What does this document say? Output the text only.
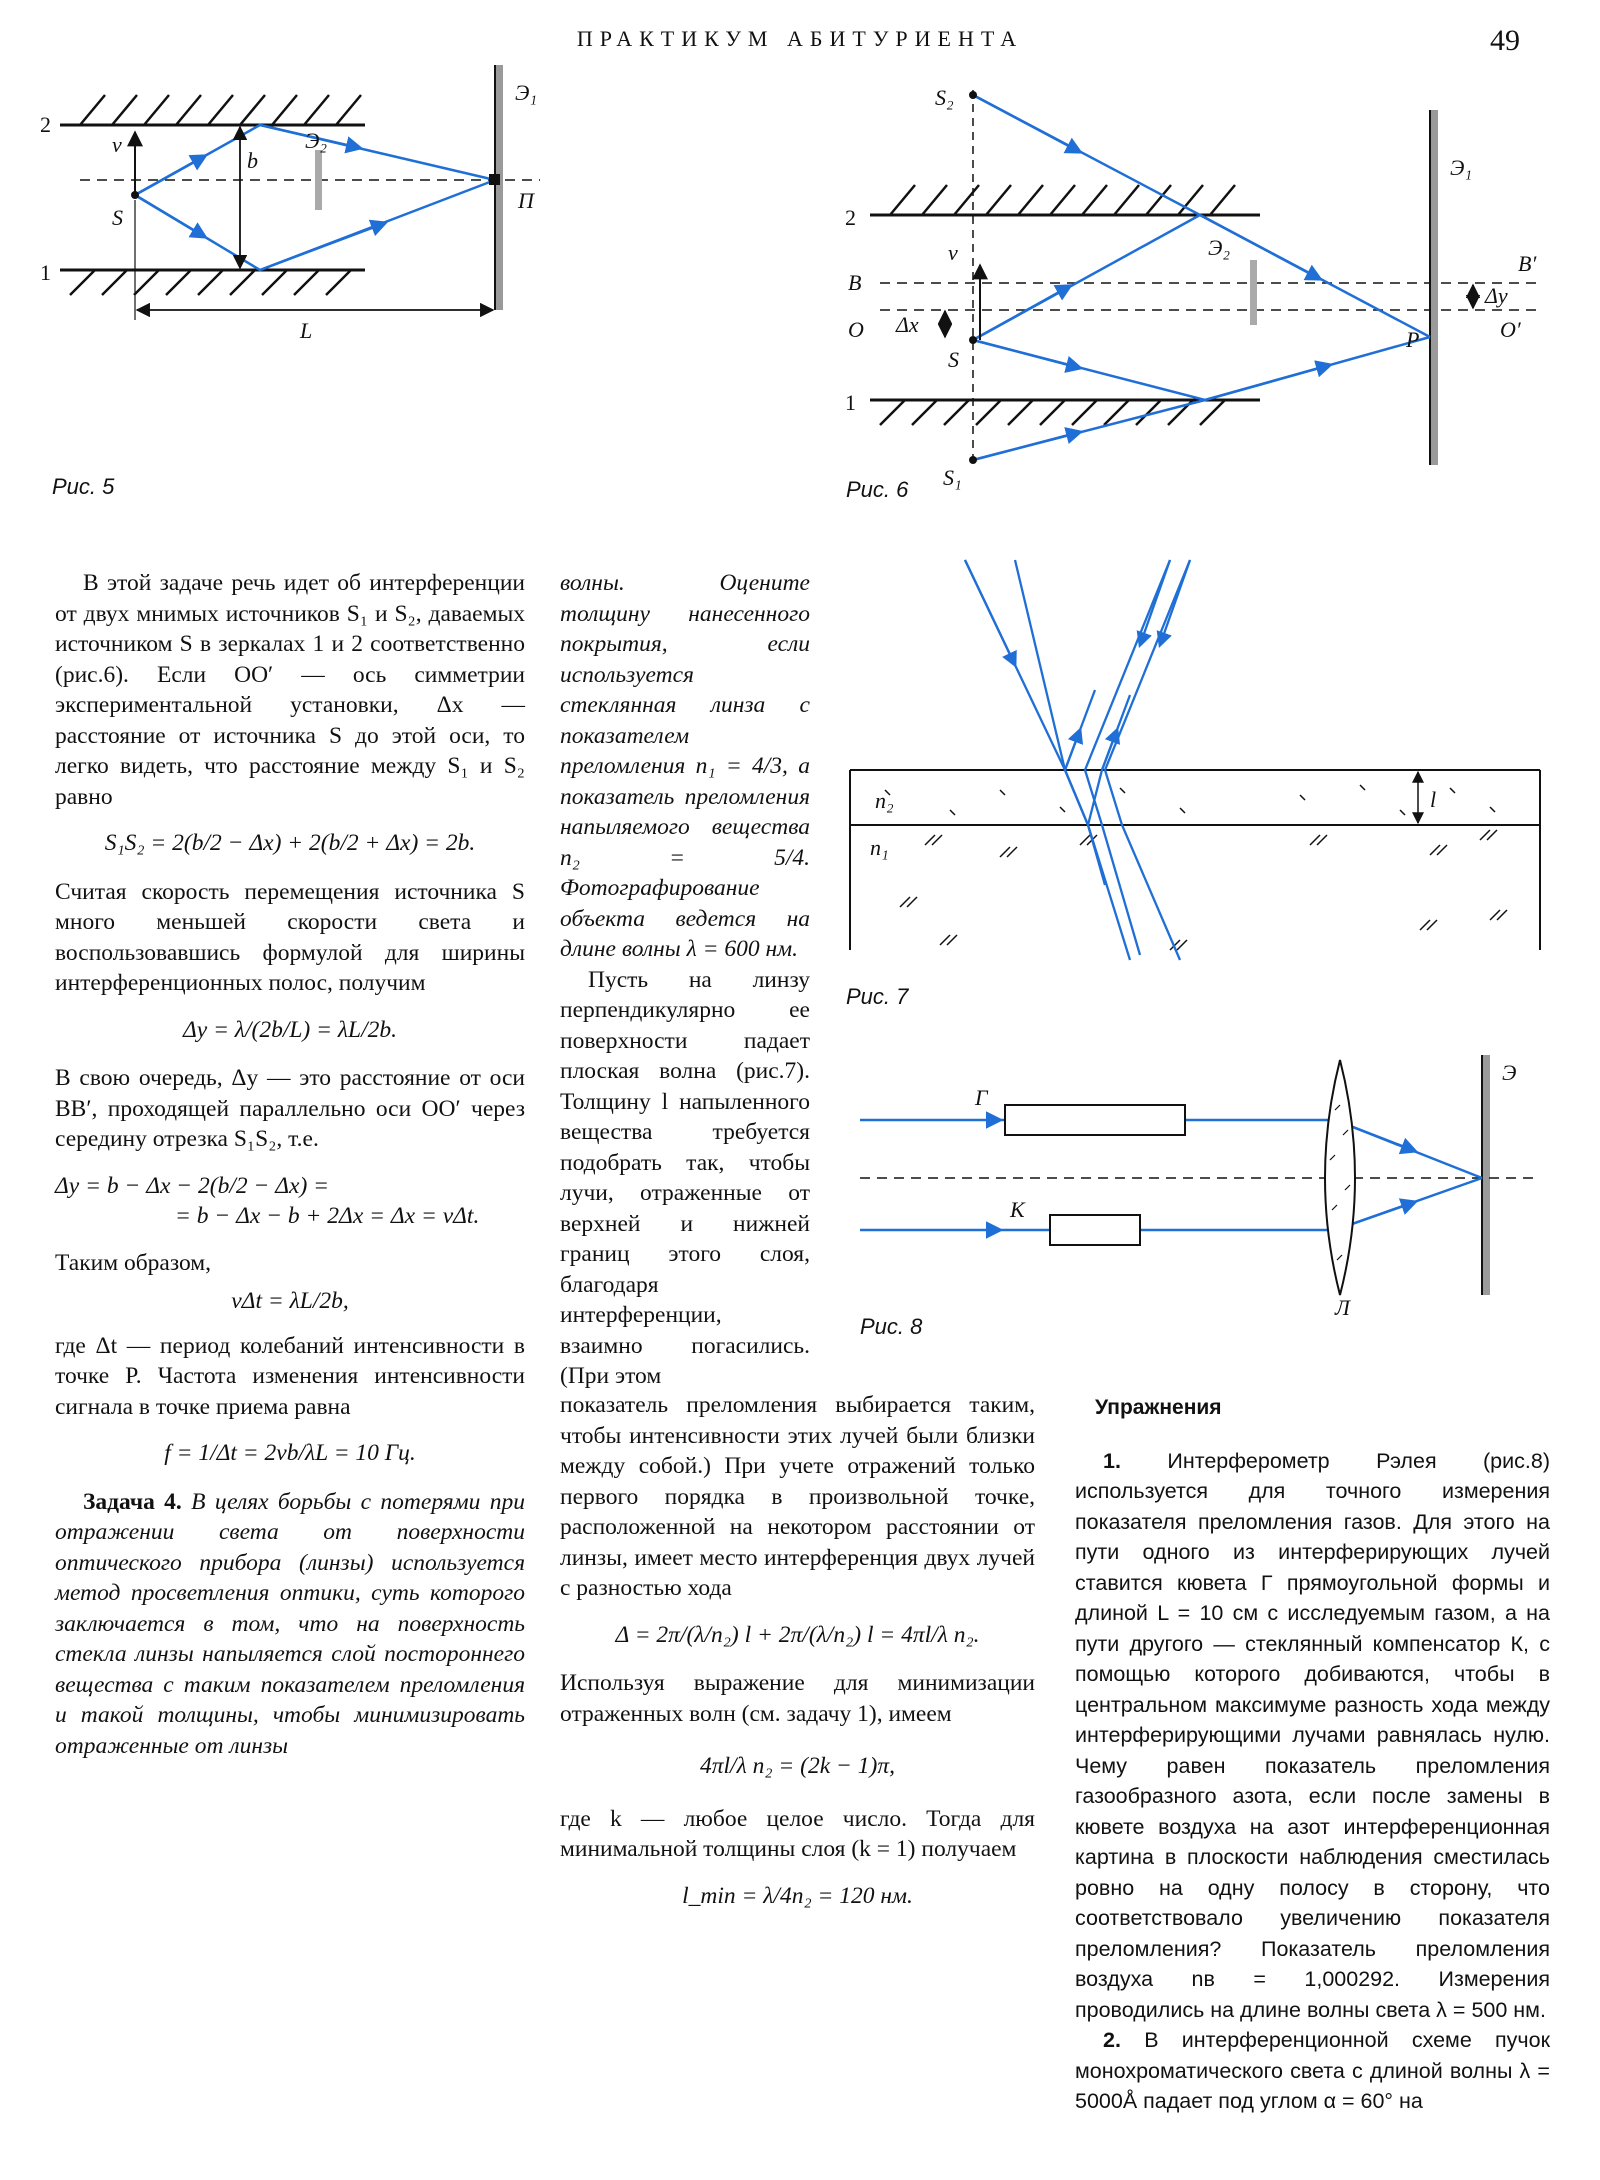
ПРАКТИКУМ АБИТУРИЕНТА	49
2
1
v
b
S
Э₁
Э₂
П
L
Рис. 5
S₂
S₁
2
1
v
B
O Δx
S
Э₂
Э₁
B′
Δy
O′
P
Рис. 6
n₂
n₁
l
Рис. 7
Г
К
Л
Э
Рис. 8

В этой задаче речь идет об интерференции от двух мнимых источников S₁ и S₂, даваемых источником S в зеркалах 1 и 2 соответственно (рис.6). Если OO′ — ось симметрии экспериментальной установки, Δx — расстояние от источника S до этой оси, то легко видеть, что расстояние между S₁ и S₂ равно

S₁S₂ = 2(b/2 − Δx) + 2(b/2 + Δx) = 2b.

Считая скорость перемещения источника S много меньшей скорости света и воспользовавшись формулой для ширины интерференционных полос, получим

Δy = λ/(2b/L) = λL/2b.

В свою очередь, Δy — это расстояние от оси BB′, проходящей параллельно оси OO′ через середину отрезка S₁S₂, т.е.

Δy = b − Δx − 2(b/2 − Δx) =

= b − Δx − b + 2Δx = Δx = vΔt.

Таким образом,

vΔt = λL/2b,

где Δt — период колебаний интенсивности в точке P. Частота изменения интенсивности сигнала в точке приема равна

f = 1/Δt = 2vb/λL = 10 Гц.

Задача 4. В целях борьбы с потерями при отражении света от поверхности оптического прибора (линзы) используется метод просветления оптики, суть которого заключается в том, что на поверхность стекла линзы напыляется слой постороннего вещества с таким показателем преломления и такой толщины, чтобы минимизировать отраженные от линзы

волны. Оцените толщину нанесенного покрытия, если используется стеклянная линза с показателем преломления n₁ = 4/3, а показатель преломления напыляемого вещества n₂ = 5/4. Фотографирование объекта ведется на длине волны λ = 600 нм.

Пусть на линзу перпендикулярно ее поверхности падает плоская волна (рис.7). Толщину l напыленного вещества требуется подобрать так, чтобы лучи, отраженные от верхней и нижней границ этого слоя, благодаря интерференции, взаимно погасились. (При этом

показатель преломления выбирается таким, чтобы интенсивности этих лучей были близки между собой.) При учете отражений только первого порядка в произвольной точке, расположенной на некотором расстоянии от линзы, имеет место интерференция двух лучей с разностью хода

Δ = 2π/(λ/n₂) l + 2π/(λ/n₂) l = 4πl/λ n₂.

Используя выражение для минимизации отраженных волн (см. задачу 1), имеем

4πl/λ n₂ = (2k − 1)π,

где k — любое целое число. Тогда для минимальной толщины слоя (k = 1) получаем

l_min = λ/4n₂ = 120 нм.

Упражнения

1. Интерферометр Рэлея (рис.8) используется для точного измерения показателя преломления газов. Для этого на пути одного из интерферирующих лучей ставится кювета Г прямоугольной формы и длиной L = 10 см с исследуемым газом, а на пути другого — стеклянный компенсатор К, с помощью которого добиваются, чтобы в центральном максимуме разность хода между интерферирующими лучами равнялась нулю. Чему равен показатель преломления газообразного азота, если после замены в кювете воздуха на азот интерференционная картина в плоскости наблюдения сместилась ровно на одну полосу в сторону, что соответствовало увеличению показателя преломления? Показатель преломления воздуха nв = 1,000292. Измерения проводились на длине волны света λ = 500 нм.

2. В интерференционной схеме пучок монохроматического света с длиной волны λ = 5000Å падает под углом α = 60° на
